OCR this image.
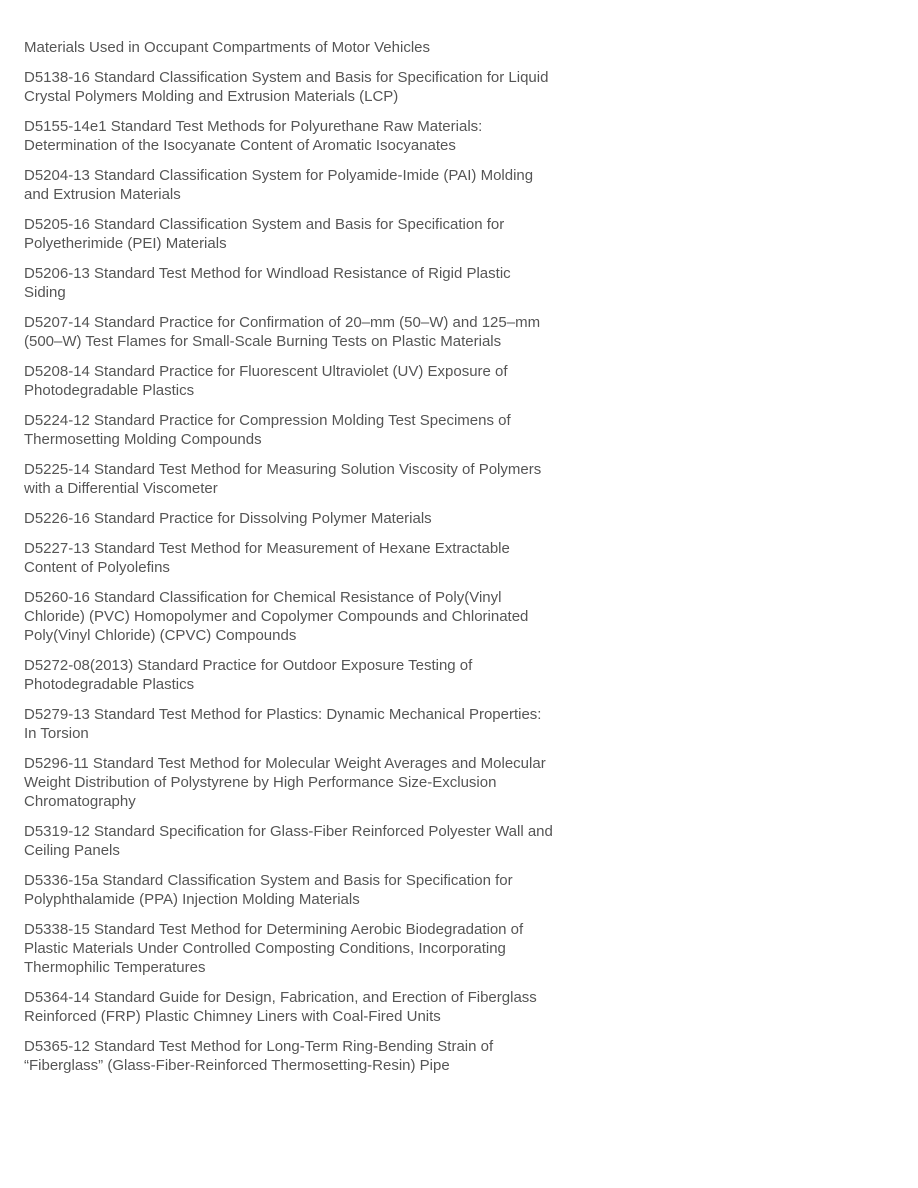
Materials Used in Occupant Compartments of Motor Vehicles

D5138-16 Standard Classification System and Basis for Specification for Liquid Crystal Polymers Molding and Extrusion Materials (LCP)

D5155-14e1 Standard Test Methods for Polyurethane Raw Materials: Determination of the Isocyanate Content of Aromatic Isocyanates

D5204-13 Standard Classification System for Polyamide-Imide (PAI) Molding and Extrusion Materials

D5205-16 Standard Classification System and Basis for Specification for Polyetherimide (PEI) Materials

D5206-13 Standard Test Method for Windload Resistance of Rigid Plastic Siding

D5207-14 Standard Practice for Confirmation of 20–mm (50–W) and 125–mm (500–W) Test Flames for Small-Scale Burning Tests on Plastic Materials

D5208-14 Standard Practice for Fluorescent Ultraviolet (UV) Exposure of Photodegradable Plastics

D5224-12 Standard Practice for Compression Molding Test Specimens of Thermosetting Molding Compounds

D5225-14 Standard Test Method for Measuring Solution Viscosity of Polymers with a Differential Viscometer

D5226-16 Standard Practice for Dissolving Polymer Materials

D5227-13 Standard Test Method for Measurement of Hexane Extractable Content of Polyolefins

D5260-16 Standard Classification for Chemical Resistance of Poly(Vinyl Chloride) (PVC) Homopolymer and Copolymer Compounds and Chlorinated Poly(Vinyl Chloride) (CPVC) Compounds

D5272-08(2013) Standard Practice for Outdoor Exposure Testing of Photodegradable Plastics

D5279-13 Standard Test Method for Plastics: Dynamic Mechanical Properties: In Torsion

D5296-11 Standard Test Method for Molecular Weight Averages and Molecular Weight Distribution of Polystyrene by High Performance Size-Exclusion Chromatography

D5319-12 Standard Specification for Glass-Fiber Reinforced Polyester Wall and Ceiling Panels

D5336-15a Standard Classification System and Basis for Specification for Polyphthalamide (PPA) Injection Molding Materials

D5338-15 Standard Test Method for Determining Aerobic Biodegradation of Plastic Materials Under Controlled Composting Conditions, Incorporating Thermophilic Temperatures

D5364-14 Standard Guide for Design, Fabrication, and Erection of Fiberglass Reinforced (FRP) Plastic Chimney Liners with Coal-Fired Units

D5365-12 Standard Test Method for Long-Term Ring-Bending Strain of “Fiberglass” (Glass-Fiber-Reinforced Thermosetting-Resin) Pipe
